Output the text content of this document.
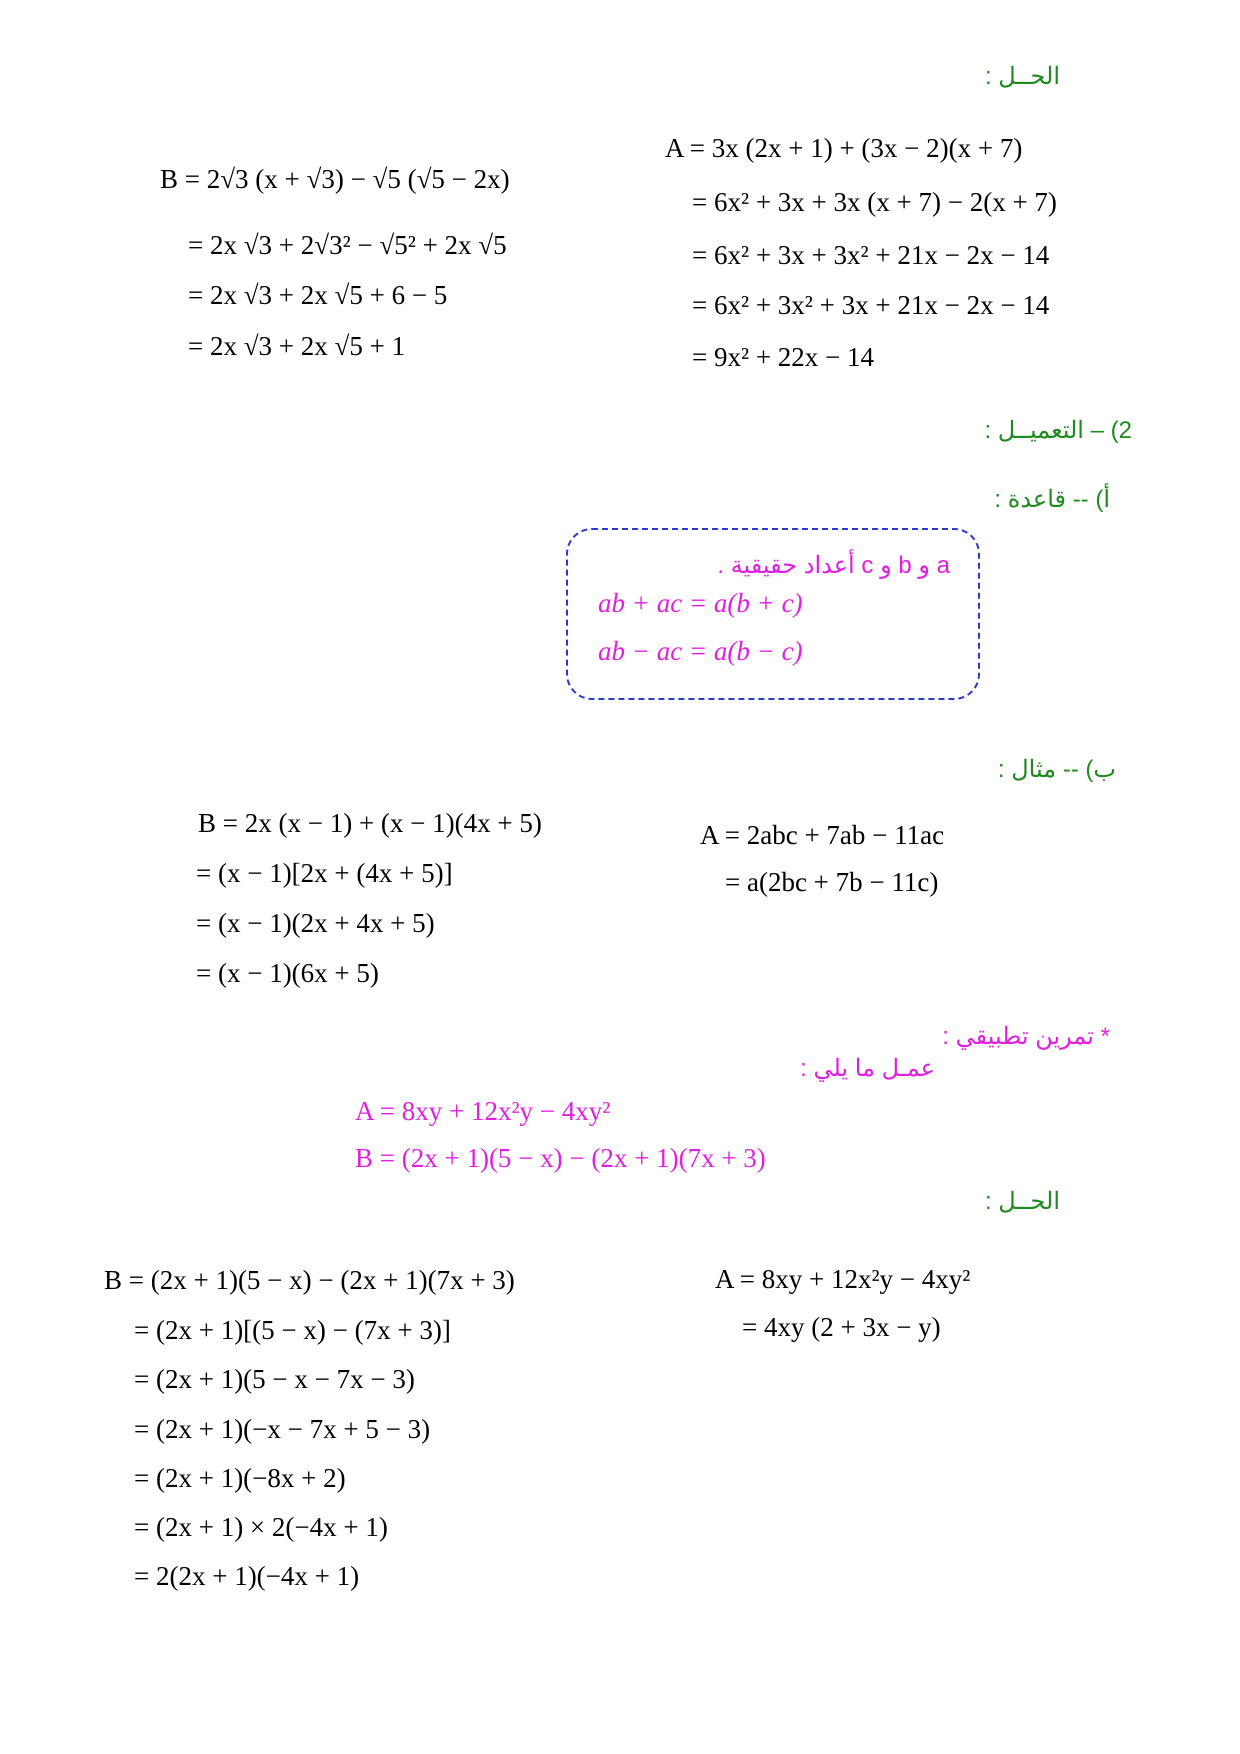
الحــل :
A = 3x (2x + 1) + (3x − 2)(x + 7)
= 6x² + 3x + 3x (x + 7) − 2(x + 7)
= 6x² + 3x + 3x² + 21x − 2x − 14
= 6x² + 3x² + 3x + 21x − 2x − 14
= 9x² + 22x − 14
B = 2√3 (x + √3) − √5 (√5 − 2x)
= 2x √3 + 2√3² − √5² + 2x √5
= 2x √3 + 2x √5 + 6 − 5
= 2x √3 + 2x √5 + 1
2) – التعميــل :
أ) -- قاعدة :
a و b و c أعداد حقيقية .
ab + ac = a(b + c)
ab − ac = a(b − c)
ب) -- مثال :
A = 2abc + 7ab − 11ac
= a(2bc + 7b − 11c)
B = 2x (x − 1) + (x − 1)(4x + 5)
= (x − 1)[2x + (4x + 5)]
= (x − 1)(2x + 4x + 5)
= (x − 1)(6x + 5)
* تمرين تطبيقي :
عمـل ما يلي :
A = 8xy + 12x²y − 4xy²
B = (2x + 1)(5 − x) − (2x + 1)(7x + 3)
الحــل :
A = 8xy + 12x²y − 4xy²
= 4xy (2 + 3x − y)
B = (2x + 1)(5 − x) − (2x + 1)(7x + 3)
= (2x + 1)[(5 − x) − (7x + 3)]
= (2x + 1)(5 − x − 7x − 3)
= (2x + 1)(−x − 7x + 5 − 3)
= (2x + 1)(−8x + 2)
= (2x + 1) × 2(−4x + 1)
= 2(2x + 1)(−4x + 1)
